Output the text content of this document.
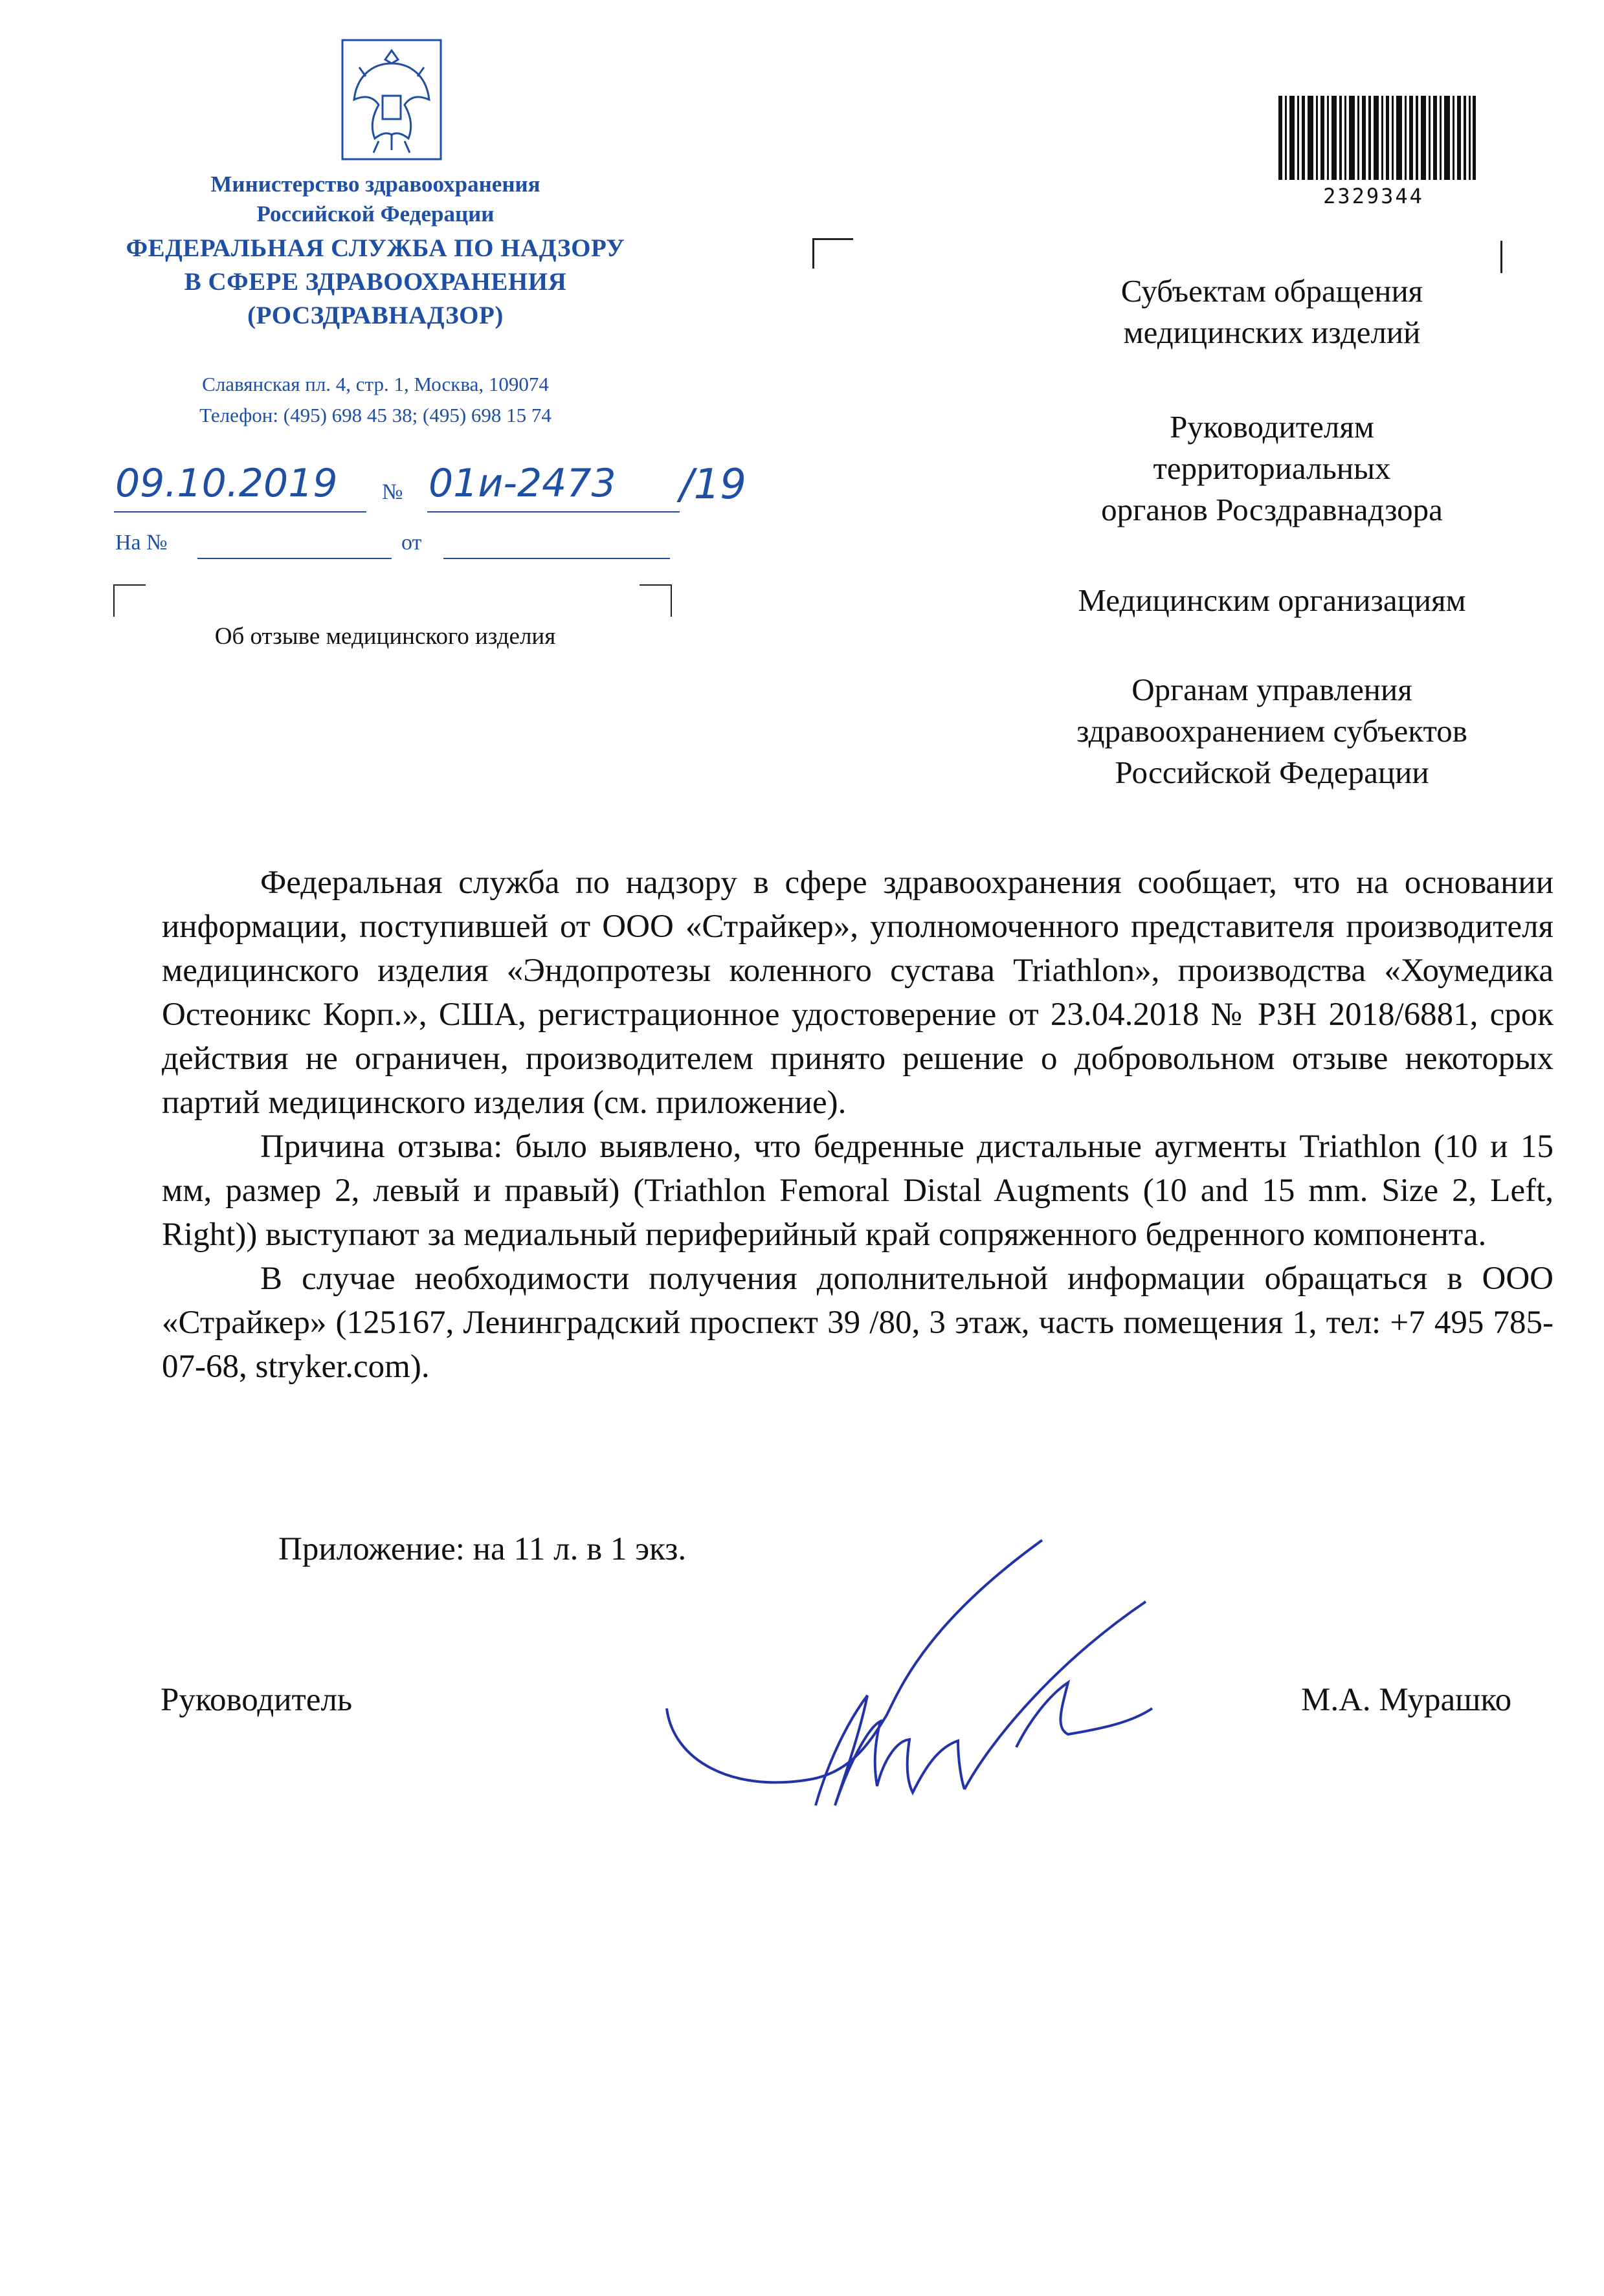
Министерство здравоохранения
Российской Федерации
ФЕДЕРАЛЬНАЯ СЛУЖБА ПО НАДЗОРУ
В СФЕРЕ ЗДРАВООХРАНЕНИЯ
(РОСЗДРАВНАДЗОР)
Славянская пл. 4, стр. 1, Москва, 109074
Телефон: (495) 698 45 38; (495) 698 15 74
09.10.2019 № 01и-2473 /19
На №	от
Об отзыве медицинского изделия
2329344
Субъектам обращения
медицинских изделий
Руководителям
территориальных
органов Росздравнадзора
Медицинским организациям
Органам управления
здравоохранением субъектов
Российской Федерации

Федеральная служба по надзору в сфере здравоохранения сообщает, что на основании информации, поступившей от ООО «Страйкер», уполномоченного представителя производителя медицинского изделия «Эндопротезы коленного сустава Triathlon», производства «Хоумедика Остеоникс Корп.», США, регистрационное удостоверение от 23.04.2018 № РЗН 2018/6881, срок действия не ограничен, производителем принято решение о добровольном отзыве некоторых партий медицинского изделия (см. приложение).

Причина отзыва: было выявлено, что бедренные дистальные аугменты Triathlon (10 и 15 мм, размер 2, левый и правый) (Triathlon Femoral Distal Augments (10 and 15 mm. Size 2, Left, Right)) выступают за медиальный периферийный край сопряженного бедренного компонента.

В случае необходимости получения дополнительной информации обращаться в ООО «Страйкер» (125167, Ленинградский проспект 39 /80, 3 этаж, часть помещения 1, тел: +7 495 785-07-68, stryker.com).

Приложение: на 11 л. в 1 экз.
Руководитель	М.А. Мурашко
